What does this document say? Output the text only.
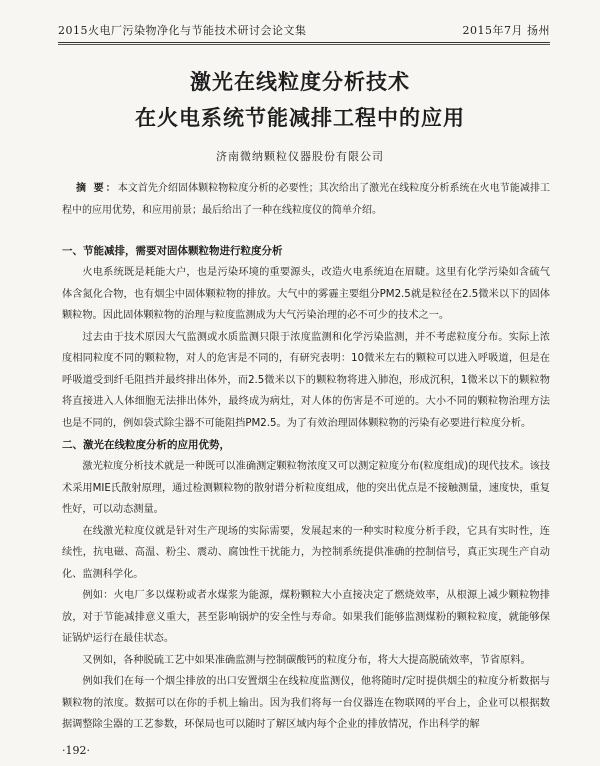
2015火电厂污染物净化与节能技术研讨会论文集	2015年7月 扬州
激光在线粒度分析技术
在火电系统节能减排工程中的应用
济南微纳颗粒仪器股份有限公司
摘 要：本文首先介绍固体颗粒物粒度分析的必要性；其次给出了激光在线粒度分析系统在火电节能减排工程中的应用优势，和应用前景；最后给出了一种在线粒度仪的简单介绍。
一、节能减排，需要对固体颗粒物进行粒度分析

火电系统既是耗能大户，也是污染环境的重要源头，改造火电系统迫在眉睫。这里有化学污染如含硫气体含氮化合物，也有烟尘中固体颗粒物的排放。大气中的雾霾主要组分PM2.5就是粒径在2.5微米以下的固体颗粒物。因此固体颗粒物的治理与粒度监测成为大气污染治理的必不可少的技术之一。

过去由于技术原因大气监测或水质监测只限于浓度监测和化学污染监测，并不考虑粒度分布。实际上浓度相同粒度不同的颗粒物，对人的危害是不同的，有研究表明：10微米左右的颗粒可以进入呼吸道，但是在呼吸道受到纤毛阻挡并最终排出体外，而2.5微米以下的颗粒物将进入肺泡，形成沉积，1微米以下的颗粒物将直接进入人体细胞无法排出体外，最终成为病灶，对人体的伤害是不可逆的。大小不同的颗粒物治理方法也是不同的，例如袋式除尘器不可能阻挡PM2.5。为了有效治理固体颗粒物的污染有必要进行粒度分析。

二、激光在线粒度分析的应用优势，

激光粒度分析技术就是一种既可以准确测定颗粒物浓度又可以测定粒度分布(粒度组成)的现代技术。该技术采用MIE氏散射原理，通过检测颗粒物的散射谱分析粒度组成，他的突出优点是不接触测量，速度快，重复性好，可以动态测量。

在线激光粒度仪就是针对生产现场的实际需要，发展起来的一种实时粒度分析手段，它具有实时性，连续性，抗电磁、高温、粉尘、震动、腐蚀性干扰能力，为控制系统提供准确的控制信号，真正实现生产自动化、监测科学化。

例如：火电厂多以煤粉或者水煤浆为能源，煤粉颗粒大小直接决定了燃烧效率，从根源上减少颗粒物排放，对于节能减排意义重大，甚至影响锅炉的安全性与寿命。如果我们能够监测煤粉的颗粒粒度，就能够保证锅炉运行在最佳状态。

又例如，各种脱硫工艺中如果准确监测与控制碳酸钙的粒度分布，将大大提高脱硫效率，节省原料。

例如我们在每一个烟尘排放的出口安置烟尘在线粒度监测仪，他将随时/定时提供烟尘的粒度分析数据与颗粒物的浓度。数据可以在你的手机上输出。因为我们将每一台仪器连在物联网的平台上，企业可以根据数据调整除尘器的工艺参数，环保局也可以随时了解区域内每个企业的排放情况，作出科学的解

·192·
